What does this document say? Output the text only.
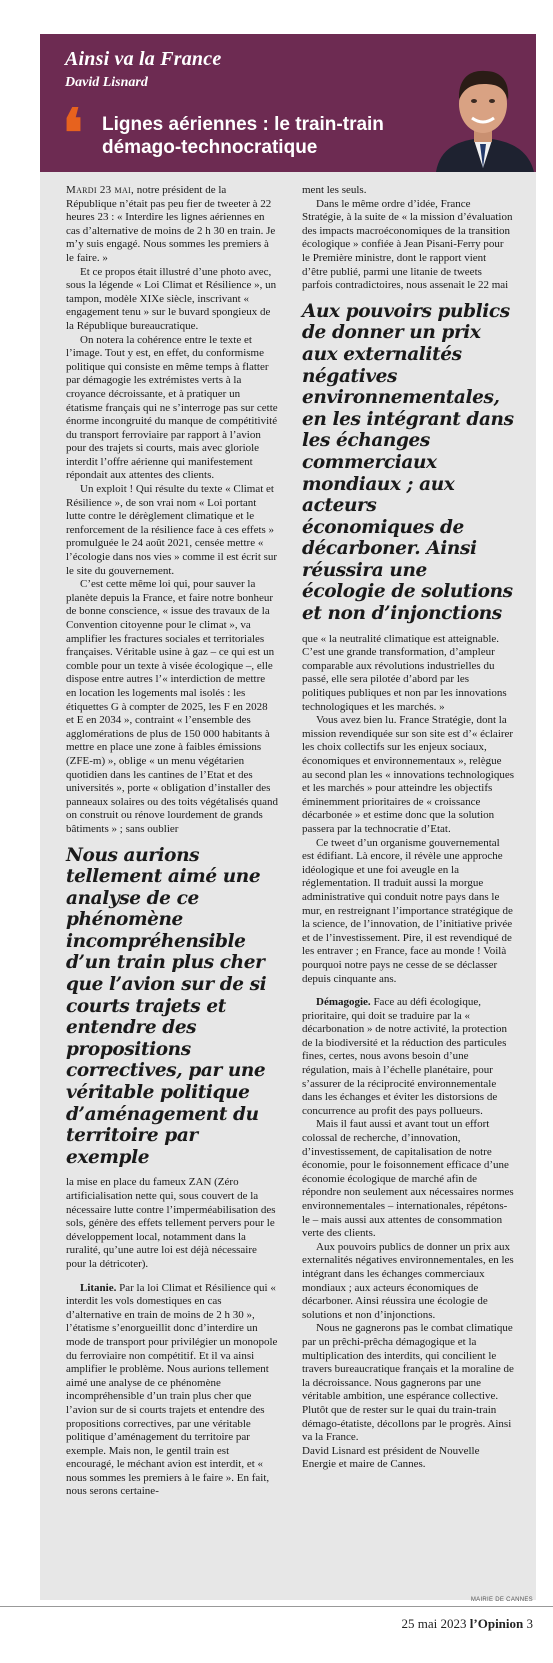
Ainsi va la France
David Lisnard
❛ Lignes aériennes : le train-train démago-technocratique

Mardi 23 mai, notre président de la République n’était pas peu fier de tweeter à 22 heures 23 : « Interdire les lignes aériennes en cas d’alternative de moins de 2 h 30 en train. Je m’y suis engagé. Nous sommes les premiers à le faire. »

Et ce propos était illustré d’une photo avec, sous la légende « Loi Climat et Résilience », un tampon, modèle XIXe siècle, inscrivant « engagement tenu » sur le buvard spongieux de la République bureaucratique.

On notera la cohérence entre le texte et l’image. Tout y est, en effet, du conformisme politique qui consiste en même temps à flatter par démagogie les extrémistes verts à la croyance décroissante, et à pratiquer un étatisme français qui ne s’interroge pas sur cette énorme incongruité du manque de compétitivité du transport ferroviaire par rapport à l’avion pour des trajets si courts, mais avec gloriole interdit l’offre aérienne qui manifestement répondait aux attentes des clients.

Un exploit ! Qui résulte du texte « Climat et Résilience », de son vrai nom « Loi portant lutte contre le dérèglement climatique et le renforcement de la résilience face à ces effets » promulguée le 24 août 2021, censée mettre « l’écologie dans nos vies » comme il est écrit sur le site du gouvernement.

C’est cette même loi qui, pour sauver la planète depuis la France, et faire notre bonheur de bonne conscience, « issue des travaux de la Convention citoyenne pour le climat », va amplifier les fractures sociales et territoriales françaises. Véritable usine à gaz – ce qui est un comble pour un texte à visée écologique –, elle dispose entre autres l’« interdiction de mettre en location les logements mal isolés : les étiquettes G à compter de 2025, les F en 2028 et E en 2034 », contraint « l’ensemble des agglomérations de plus de 150 000 habitants à mettre en place une zone à faibles émissions (ZFE-m) », oblige « un menu végétarien quotidien dans les cantines de l’Etat et des universités », porte « obligation d’installer des panneaux solaires ou des toits végétalisés quand on construit ou rénove lourdement de grands bâtiments » ; sans oublier

Nous aurions tellement aimé une analyse de ce phénomène incompréhensible d’un train plus cher que l’avion sur de si courts trajets et entendre des propositions correctives, par une véritable politique d’aménagement du territoire par exemple

la mise en place du fameux ZAN (Zéro artificialisation nette qui, sous couvert de la nécessaire lutte contre l’imperméabilisation des sols, génère des effets tellement pervers pour le développement local, notamment dans la ruralité, qu’une autre loi est déjà nécessaire pour la détricoter).

Litanie. Par la loi Climat et Résilience qui « interdit les vols domestiques en cas d’alternative en train de moins de 2 h 30 », l’étatisme s’enorgueillit donc d’interdire un mode de transport pour privilégier un monopole du ferroviaire non compétitif. Et il va ainsi amplifier le problème. Nous aurions tellement aimé une analyse de ce phénomène incompréhensible d’un train plus cher que l’avion sur de si courts trajets et entendre des propositions correctives, par une véritable politique d’aménagement du territoire par exemple. Mais non, le gentil train est encouragé, le méchant avion est interdit, et « nous sommes les premiers à le faire ». En fait, nous serons certaine-

ment les seuls.

Dans le même ordre d’idée, France Stratégie, à la suite de « la mission d’évaluation des impacts macroéconomiques de la transition écologique » confiée à Jean Pisani-Ferry pour le Première ministre, dont le rapport vient d’être publié, parmi une litanie de tweets parfois contradictoires, nous assenait le 22 mai

Aux pouvoirs publics de donner un prix aux externalités négatives environnementales, en les intégrant dans les échanges commerciaux mondiaux ; aux acteurs économiques de décarboner. Ainsi réussira une écologie de solutions et non d’injonctions

que « la neutralité climatique est atteignable. C’est une grande transformation, d’ampleur comparable aux révolutions industrielles du passé, elle sera pilotée d’abord par les politiques publiques et non par les innovations technologiques et les marchés. »

Vous avez bien lu. France Stratégie, dont la mission revendiquée sur son site est d’« éclairer les choix collectifs sur les enjeux sociaux, économiques et environnementaux », relègue au second plan les « innovations technologiques et les marchés » pour atteindre les objectifs éminemment prioritaires de « croissance décarbonée » et estime donc que la solution passera par la technocratie d’Etat.

Ce tweet d’un organisme gouvernemental est édifiant. Là encore, il révèle une approche idéologique et une foi aveugle en la réglementation. Il traduit aussi la morgue administrative qui conduit notre pays dans le mur, en restreignant l’importance stratégique de la science, de l’innovation, de l’initiative privée et de l’investissement. Pire, il est revendiqué de les entraver ; en France, face au monde ! Voilà pourquoi notre pays ne cesse de se déclasser depuis cinquante ans.

Démagogie. Face au défi écologique, prioritaire, qui doit se traduire par la « décarbonation » de notre activité, la protection de la biodiversité et la réduction des particules fines, certes, nous avons besoin d’une régulation, mais à l’échelle planétaire, pour s’assurer de la réciprocité environnementale dans les échanges et éviter les distorsions de concurrence au profit des pays pollueurs.

Mais il faut aussi et avant tout un effort colossal de recherche, d’innovation, d’investissement, de capitalisation de notre économie, pour le foisonnement efficace d’une économie écologique de marché afin de répondre non seulement aux nécessaires normes environnementales – internationales, répétons-le – mais aussi aux attentes de consommation verte des clients.

Aux pouvoirs publics de donner un prix aux externalités négatives environnementales, en les intégrant dans les échanges commerciaux mondiaux ; aux acteurs économiques de décarboner. Ainsi réussira une écologie de solutions et non d’injonctions.

Nous ne gagnerons pas le combat climatique par un prêchi-prêcha démagogique et la multiplication des interdits, qui concilient le travers bureaucratique français et la moraline de la décroissance. Nous gagnerons par une véritable ambition, une espérance collective. Plutôt que de rester sur le quai du train-train démago-étatiste, décollons par le progrès. Ainsi va la France.

David Lisnard est président de Nouvelle Energie et maire de Cannes.

MAIRIE DE CANNES
25 mai 2023 l’Opinion 3
